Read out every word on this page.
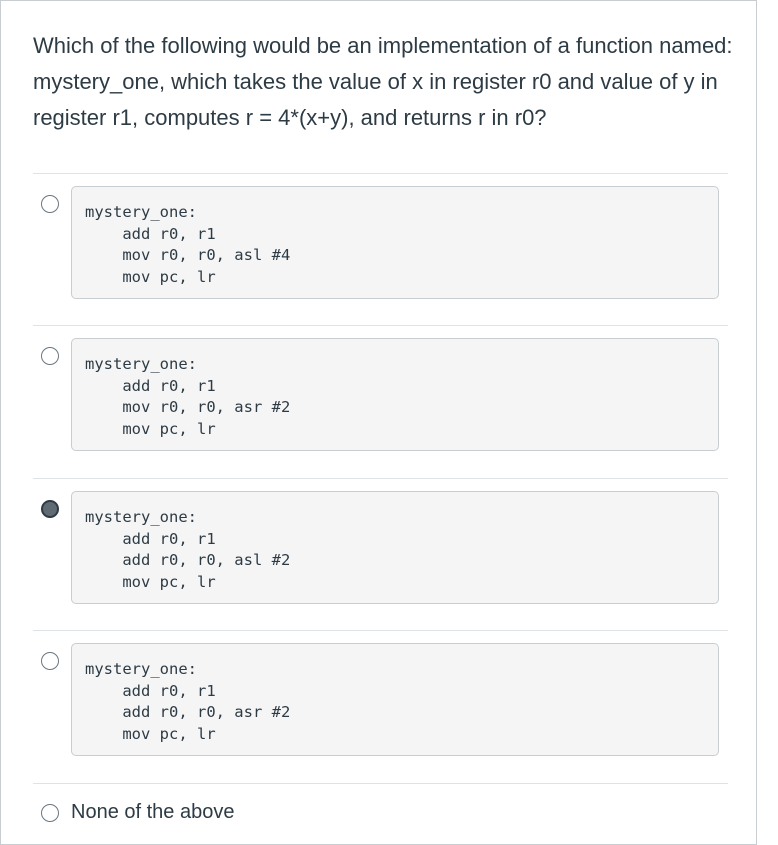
Which of the following would be an implementation of a function named: mystery_one, which takes the value of x in register r0 and value of y in register r1, computes r = 4*(x+y), and returns r in r0?

mystery_one:
add r0, r1
mov r0, r0, asl #4
mov pc, lr
mystery_one:
add r0, r1
mov r0, r0, asr #2
mov pc, lr
mystery_one:
add r0, r1
add r0, r0, asl #2
mov pc, lr
mystery_one:
add r0, r1
add r0, r0, asr #2
mov pc, lr
None of the above
